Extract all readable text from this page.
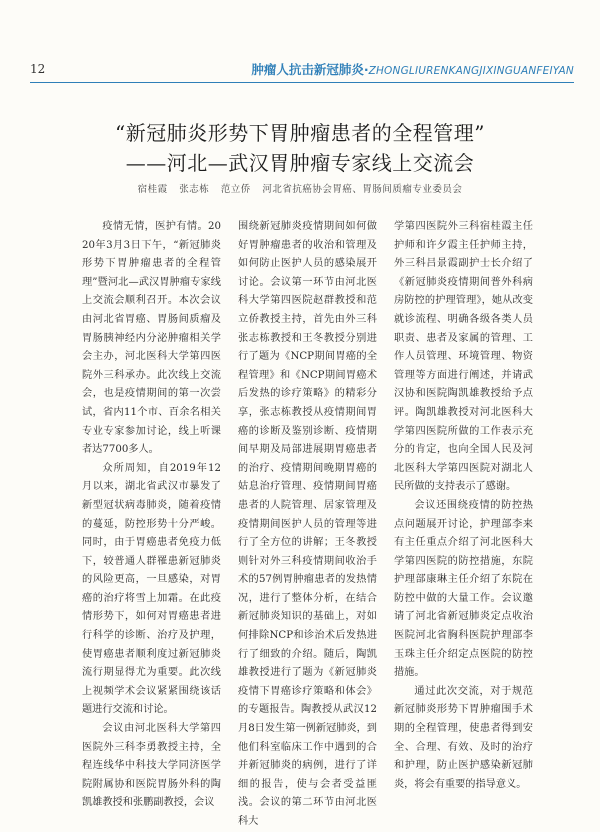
12	肿瘤人抗击新冠肺炎·ZHONGLIURENKANGJIXINGUANFEIYAN
“新冠肺炎形势下胃肿瘤患者的全程管理”
——河北—武汉胃肿瘤专家线上交流会
宿桂霞 张志栋 范立侨 河北省抗癌协会胃癌、胃肠间质瘤专业委员会

疫情无情，医护有情。2020年3月3日下午，“新冠肺炎形势下胃肿瘤患者的全程管理”暨河北—武汉胃肿瘤专家线上交流会顺利召开。本次会议由河北省胃癌、胃肠间质瘤及胃肠胰神经内分泌肿瘤相关学会主办，河北医科大学第四医院外三科承办。此次线上交流会，也是疫情期间的第一次尝试，省内11个市、百余名相关专业专家参加讨论，线上听课者达7700多人。

众所周知，自2019年12月以来，湖北省武汉市暴发了新型冠状病毒肺炎，随着疫情的蔓延，防控形势十分严峻。同时，由于胃癌患者免疫力低下，较普通人群罹患新冠肺炎的风险更高，一旦感染，对胃癌的治疗将雪上加霜。在此疫情形势下，如何对胃癌患者进行科学的诊断、治疗及护理，使胃癌患者顺利度过新冠肺炎流行期显得尤为重要。此次线上视频学术会议紧紧围绕该话题进行交流和讨论。

会议由河北医科大学第四医院外三科李勇教授主持，全程连线华中科技大学同济医学院附属协和医院胃肠外科的陶凯雄教授和张鹏副教授，会议

围绕新冠肺炎疫情期间如何做好胃肿瘤患者的收治和管理及如何防止医护人员的感染展开讨论。会议第一环节由河北医科大学第四医院赵群教授和范立侨教授主持，首先由外三科张志栋教授和王冬教授分别进行了题为《NCP期间胃癌的全程管理》和《NCP期间胃癌术后发热的诊疗策略》的精彩分享，张志栋教授从疫情期间胃癌的诊断及鉴别诊断、疫情期间早期及局部进展期胃癌患者的治疗、疫情期间晚期胃癌的姑息治疗管理、疫情期间胃癌患者的人院管理、居家管理及疫情期间医护人员的管理等进行了全方位的讲解；王冬教授则针对外三科疫情期间收治手术的57例胃肿瘤患者的发热情况，进行了整体分析，在结合新冠肺炎知识的基础上，对如何排除NCP和诊治术后发热进行了细致的介绍。随后，陶凯雄教授进行了题为《新冠肺炎疫情下胃癌诊疗策略和体会》的专题报告。陶教授从武汉12月8日发生第一例新冠肺炎，到他们科室临床工作中遇到的合并新冠肺炎的病例，进行了详细的报告，使与会者受益匪浅。会议的第二环节由河北医科大

学第四医院外三科宿桂霞主任护师和许夕霞主任护师主持，外三科吕景霞副护士长介绍了《新冠肺炎疫情期间普外科病房防控的护理管理》，她从改变就诊流程、明确各级各类人员职责、患者及家属的管理、工作人员管理、环境管理、物资管理等方面进行阐述，并请武汉协和医院陶凯雄教授给予点评。陶凯雄教授对河北医科大学第四医院所做的工作表示充分的肯定，也向全国人民及河北医科大学第四医院对湖北人民所做的支持表示了感谢。

会议还围绕疫情的防控热点问题展开讨论，护理部李来有主任重点介绍了河北医科大学第四医院的防控措施，东院护理部康琳主任介绍了东院在防控中做的大量工作。会议邀请了河北省新冠肺炎定点收治医院河北省胸科医院护理部李玉珠主任介绍定点医院的防控措施。

通过此次交流，对于规范新冠肺炎形势下胃肿瘤围手术期的全程管理，使患者得到安全、合理、有效、及时的治疗和护理，防止医护感染新冠肺炎，将会有重要的指导意义。
